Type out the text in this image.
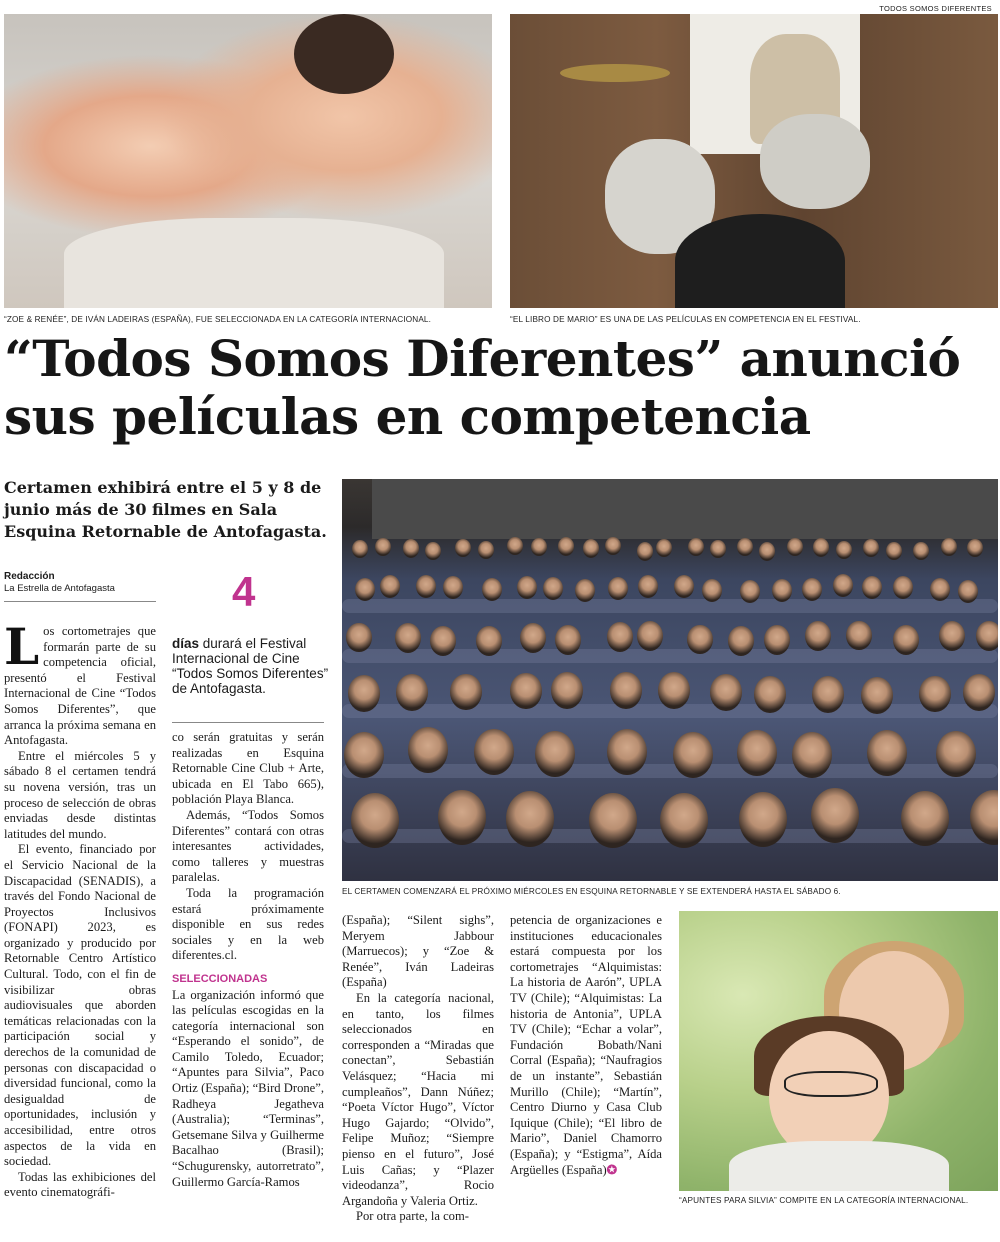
TODOS SOMOS DIFERENTES
“ZOE & RENÉE”, DE IVÁN LADEIRAS (ESPAÑA), FUE SELECCIONADA EN LA CATEGORÍA INTERNACIONAL.	“EL LIBRO DE MARIO” ES UNA DE LAS PELÍCULAS EN COMPETENCIA EN EL FESTIVAL.
“Todos Somos Diferentes” anunció
sus películas en competencia
Certamen exhibirá entre el 5 y 8 de junio más de 30 filmes en Sala Esquina Retornable de Antofagasta.
Redacción
La Estrella de Antofagasta	4
días durará el Festival Internacional de Cine “Todos Somos Diferentes” de Antofagasta.
EL CERTAMEN COMENZARÁ EL PRÓXIMO MIÉRCOLES EN ESQUINA RETORNABLE Y SE EXTENDERÁ HASTA EL SÁBADO 6.

Los cortometrajes que formarán parte de su competencia oficial, presentó el Festival Internacional de Cine “Todos Somos Diferentes”, que arranca la próxima semana en Antofagasta.

Entre el miércoles 5 y sábado 8 el certamen tendrá su novena versión, tras un proceso de selección de obras enviadas desde distintas latitudes del mundo.

El evento, financiado por el Servicio Nacional de la Discapacidad (SENADIS), a través del Fondo Nacional de Proyectos Inclusivos (FONAPI) 2023, es organizado y producido por Retornable Centro Artístico Cultural. Todo, con el fin de visibilizar obras audiovisuales que aborden temáticas relacionadas con la participación social y derechos de la comunidad de personas con discapacidad o diversidad funcional, como la desigualdad de oportunidades, inclusión y accesibilidad, entre otros aspectos de la vida en sociedad.

Todas las exhibiciones del evento cinematográfi-

co serán gratuitas y serán realizadas en Esquina Retornable Cine Club + Arte, ubicada en El Tabo 665), población Playa Blanca.

Además, “Todos Somos Diferentes” contará con otras interesantes actividades, como talleres y muestras paralelas.

Toda la programación estará próximamente disponible en sus redes sociales y en la web diferentes.cl.

SELECCIONADAS

La organización informó que las películas escogidas en la categoría internacional son “Esperando el sonido”, de Camilo Toledo, Ecuador; “Apuntes para Silvia”, Paco Ortiz (España); “Bird Drone”, Radheya Jegatheva (Australia); “Terminas”, Getsemane Silva y Guilherme Bacalhao (Brasil); “Schugurensky, autorretrato”, Guillermo García-Ramos

(España); “Silent sighs”, Meryem Jabbour (Marruecos); y “Zoe & Renée”, Iván Ladeiras (España)

En la categoría nacional, en tanto, los filmes seleccionados en corresponden a “Miradas que conectan”, Sebastián Velásquez; “Hacia mi cumpleaños”, Dann Núñez; “Poeta Víctor Hugo”, Víctor Hugo Gajardo; “Olvido”, Felipe Muñoz; “Siempre pienso en el futuro”, José Luis Cañas; y “Plazer videodanza”, Rocio Argandoña y Valeria Ortiz.

Por otra parte, la com-

petencia de organizaciones e instituciones educacionales estará compuesta por los cortometrajes “Alquimistas: La historia de Aarón”, UPLA TV (Chile); “Alquimistas: La historia de Antonia”, UPLA TV (Chile); “Echar a volar”, Fundación Bobath/Nani Corral (España); “Naufragios de un instante”, Sebastián Murillo (Chile); “Martín”, Centro Diurno y Casa Club Iquique (Chile); “El libro de Mario”, Daniel Chamorro (España); y “Estigma”, Aída Argüelles (España)✪

“APUNTES PARA SILVIA” COMPITE EN LA CATEGORÍA INTERNACIONAL.
